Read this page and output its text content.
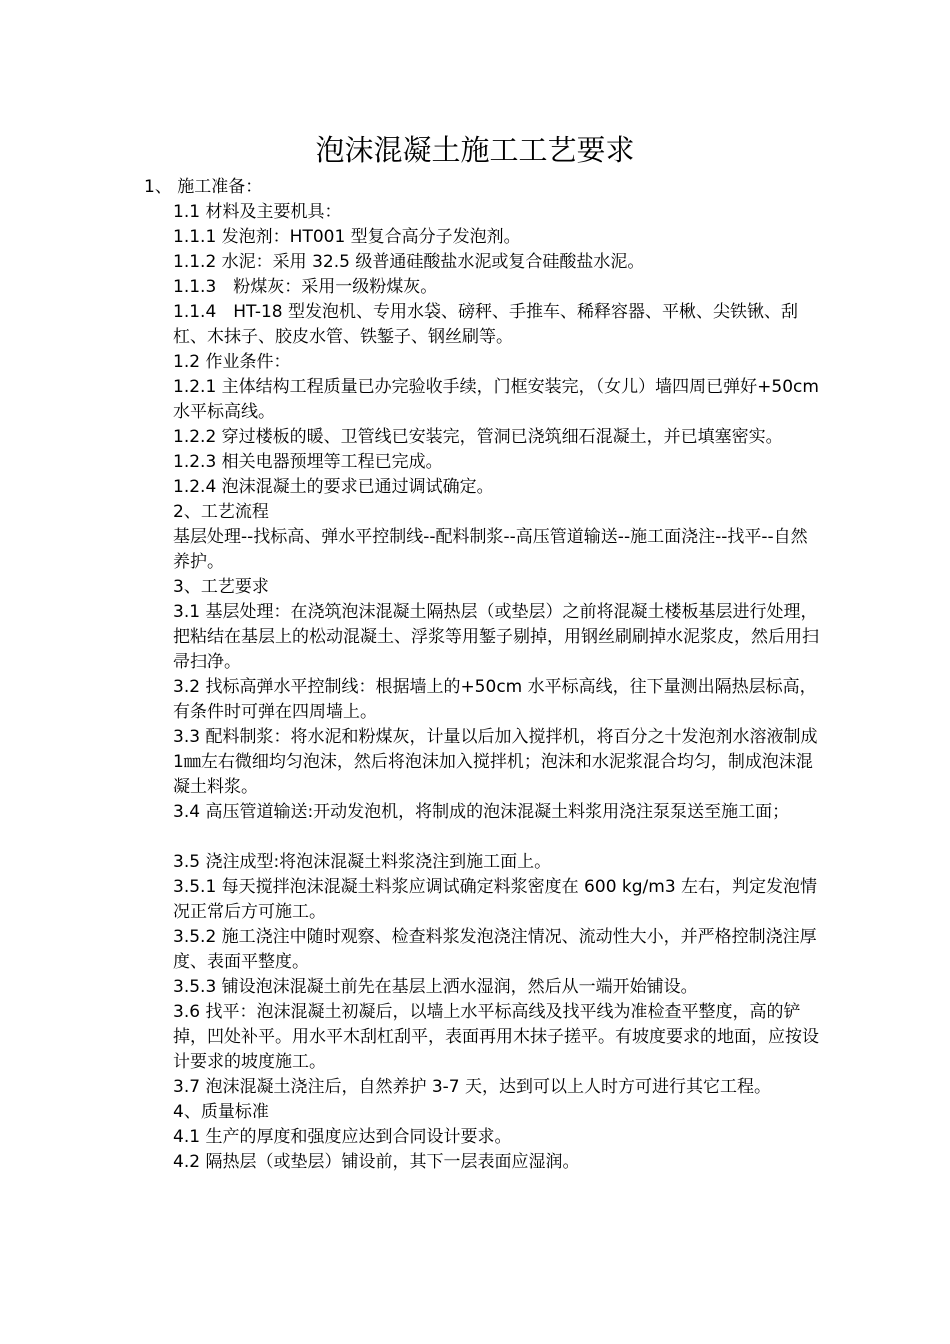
泡沫混凝土施工工艺要求

1、 施工准备：

1.1 材料及主要机具：

1.1.1 发泡剂：HT001 型复合高分子发泡剂。

1.1.2 水泥：采用 32.5 级普通硅酸盐水泥或复合硅酸盐水泥。

1.1.3　粉煤灰：采用一级粉煤灰。

1.1.4　HT-18 型发泡机、专用水袋、磅秤、手推车、稀释容器、平楸、尖铁锹、刮杠、木抹子、胶皮水管、铁錾子、钢丝刷等。

1.2 作业条件：

1.2.1 主体结构工程质量已办完验收手续，门框安装完，（女儿）墙四周已弹好+50cm 水平标高线。

1.2.2 穿过楼板的暖、卫管线已安装完，管洞已浇筑细石混凝土，并已填塞密实。

1.2.3 相关电器预埋等工程已完成。

1.2.4 泡沫混凝土的要求已通过调试确定。

2、工艺流程

基层处理--找标高、弹水平控制线--配料制浆--高压管道输送--施工面浇注--找平--自然养护。

3、工艺要求

3.1 基层处理：在浇筑泡沫混凝土隔热层（或垫层）之前将混凝土楼板基层进行处理，把粘结在基层上的松动混凝土、浮浆等用錾子剔掉，用钢丝刷刷掉水泥浆皮，然后用扫帚扫净。

3.2 找标高弹水平控制线：根据墙上的+50cm 水平标高线，往下量测出隔热层标高，有条件时可弹在四周墙上。

3.3 配料制浆：将水泥和粉煤灰，计量以后加入搅拌机，将百分之十发泡剂水溶液制成 1㎜左右微细均匀泡沫，然后将泡沫加入搅拌机；泡沫和水泥浆混合均匀，制成泡沫混凝土料浆。

3.4 高压管道输送:开动发泡机，将制成的泡沫混凝土料浆用浇注泵泵送至施工面；

3.5 浇注成型:将泡沫混凝土料浆浇注到施工面上。

3.5.1 每天搅拌泡沫混凝土料浆应调试确定料浆密度在 600 kg/m3 左右，判定发泡情况正常后方可施工。

3.5.2 施工浇注中随时观察、检查料浆发泡浇注情况、流动性大小，并严格控制浇注厚度、表面平整度。

3.5.3 铺设泡沫混凝土前先在基层上洒水湿润，然后从一端开始铺设。

3.6 找平：泡沫混凝土初凝后，以墙上水平标高线及找平线为准检查平整度，高的铲掉，凹处补平。用水平木刮杠刮平，表面再用木抹子搓平。有坡度要求的地面，应按设计要求的坡度施工。

3.7 泡沫混凝土浇注后，自然养护 3-7 天，达到可以上人时方可进行其它工程。

4、质量标准

4.1 生产的厚度和强度应达到合同设计要求。

4.2 隔热层（或垫层）铺设前，其下一层表面应湿润。
